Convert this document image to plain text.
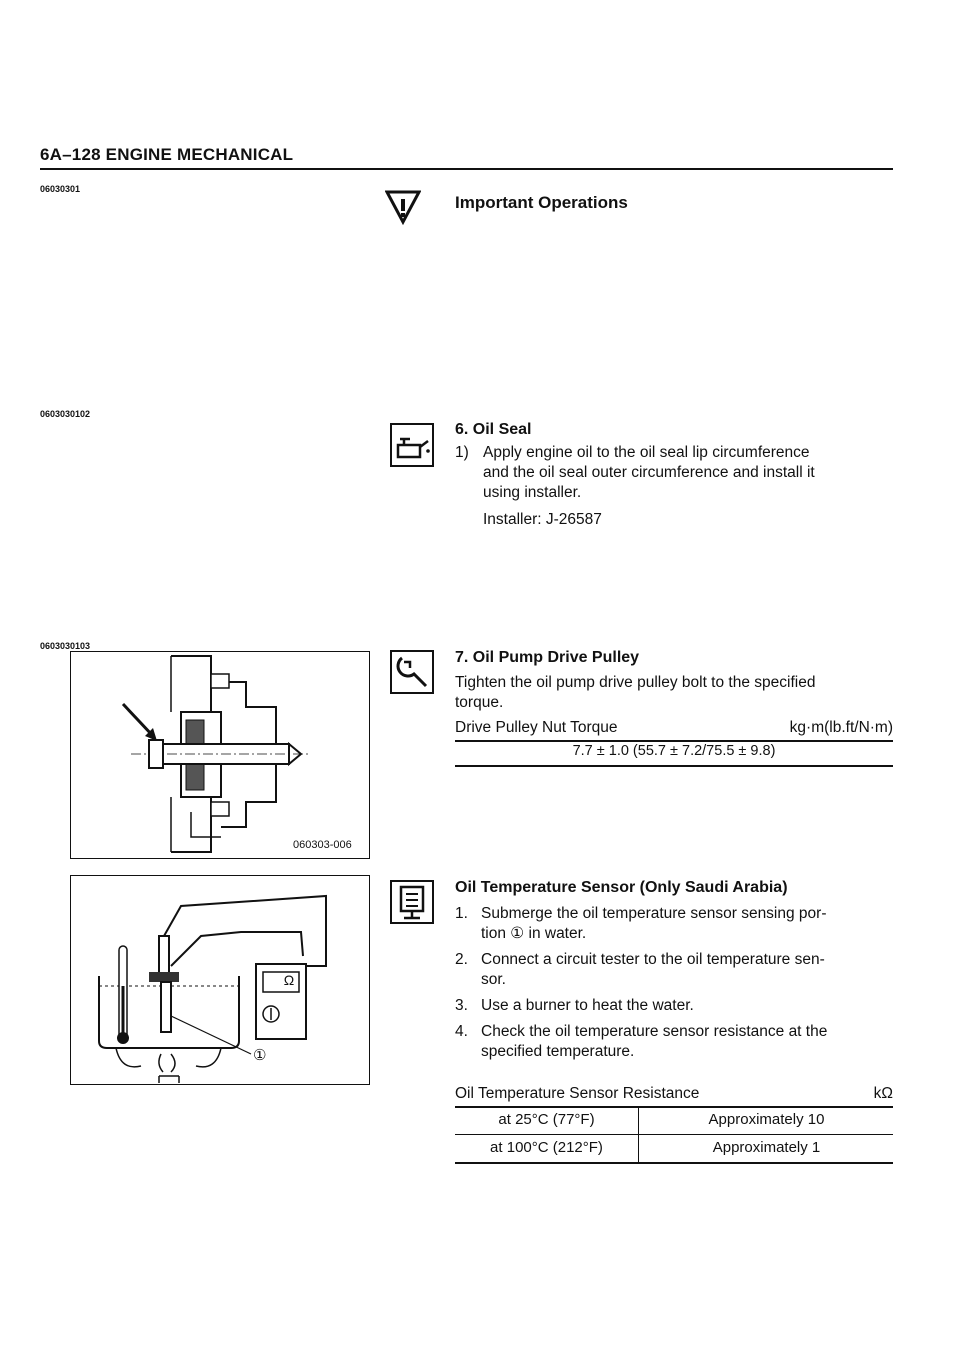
6A–128 ENGINE MECHANICAL
06030301
0603030102
0603030103
Important Operations
6. Oil Seal
1) Apply engine oil to the oil seal lip circumference
and the oil seal outer circumference and install it
using installer.
Installer: J-26587
7. Oil Pump Drive Pulley
Tighten the oil pump drive pulley bolt to the specified
torque.
Drive Pulley Nut Torque	kg·m(lb.ft/N·m)
7.7 ± 1.0 (55.7 ± 7.2/75.5 ± 9.8)
060303-006
Ω
①
Oil Temperature Sensor (Only Saudi Arabia)
1. Submerge the oil temperature sensor sensing por-
tion ① in water.
2. Connect a circuit tester to the oil temperature sen-
sor.
3. Use a burner to heat the water.
4. Check the oil temperature sensor resistance at the
specified temperature.
Oil Temperature Sensor Resistance	kΩ
at 25°C (77°F)	Approximately 10
at 100°C (212°F)	Approximately 1
